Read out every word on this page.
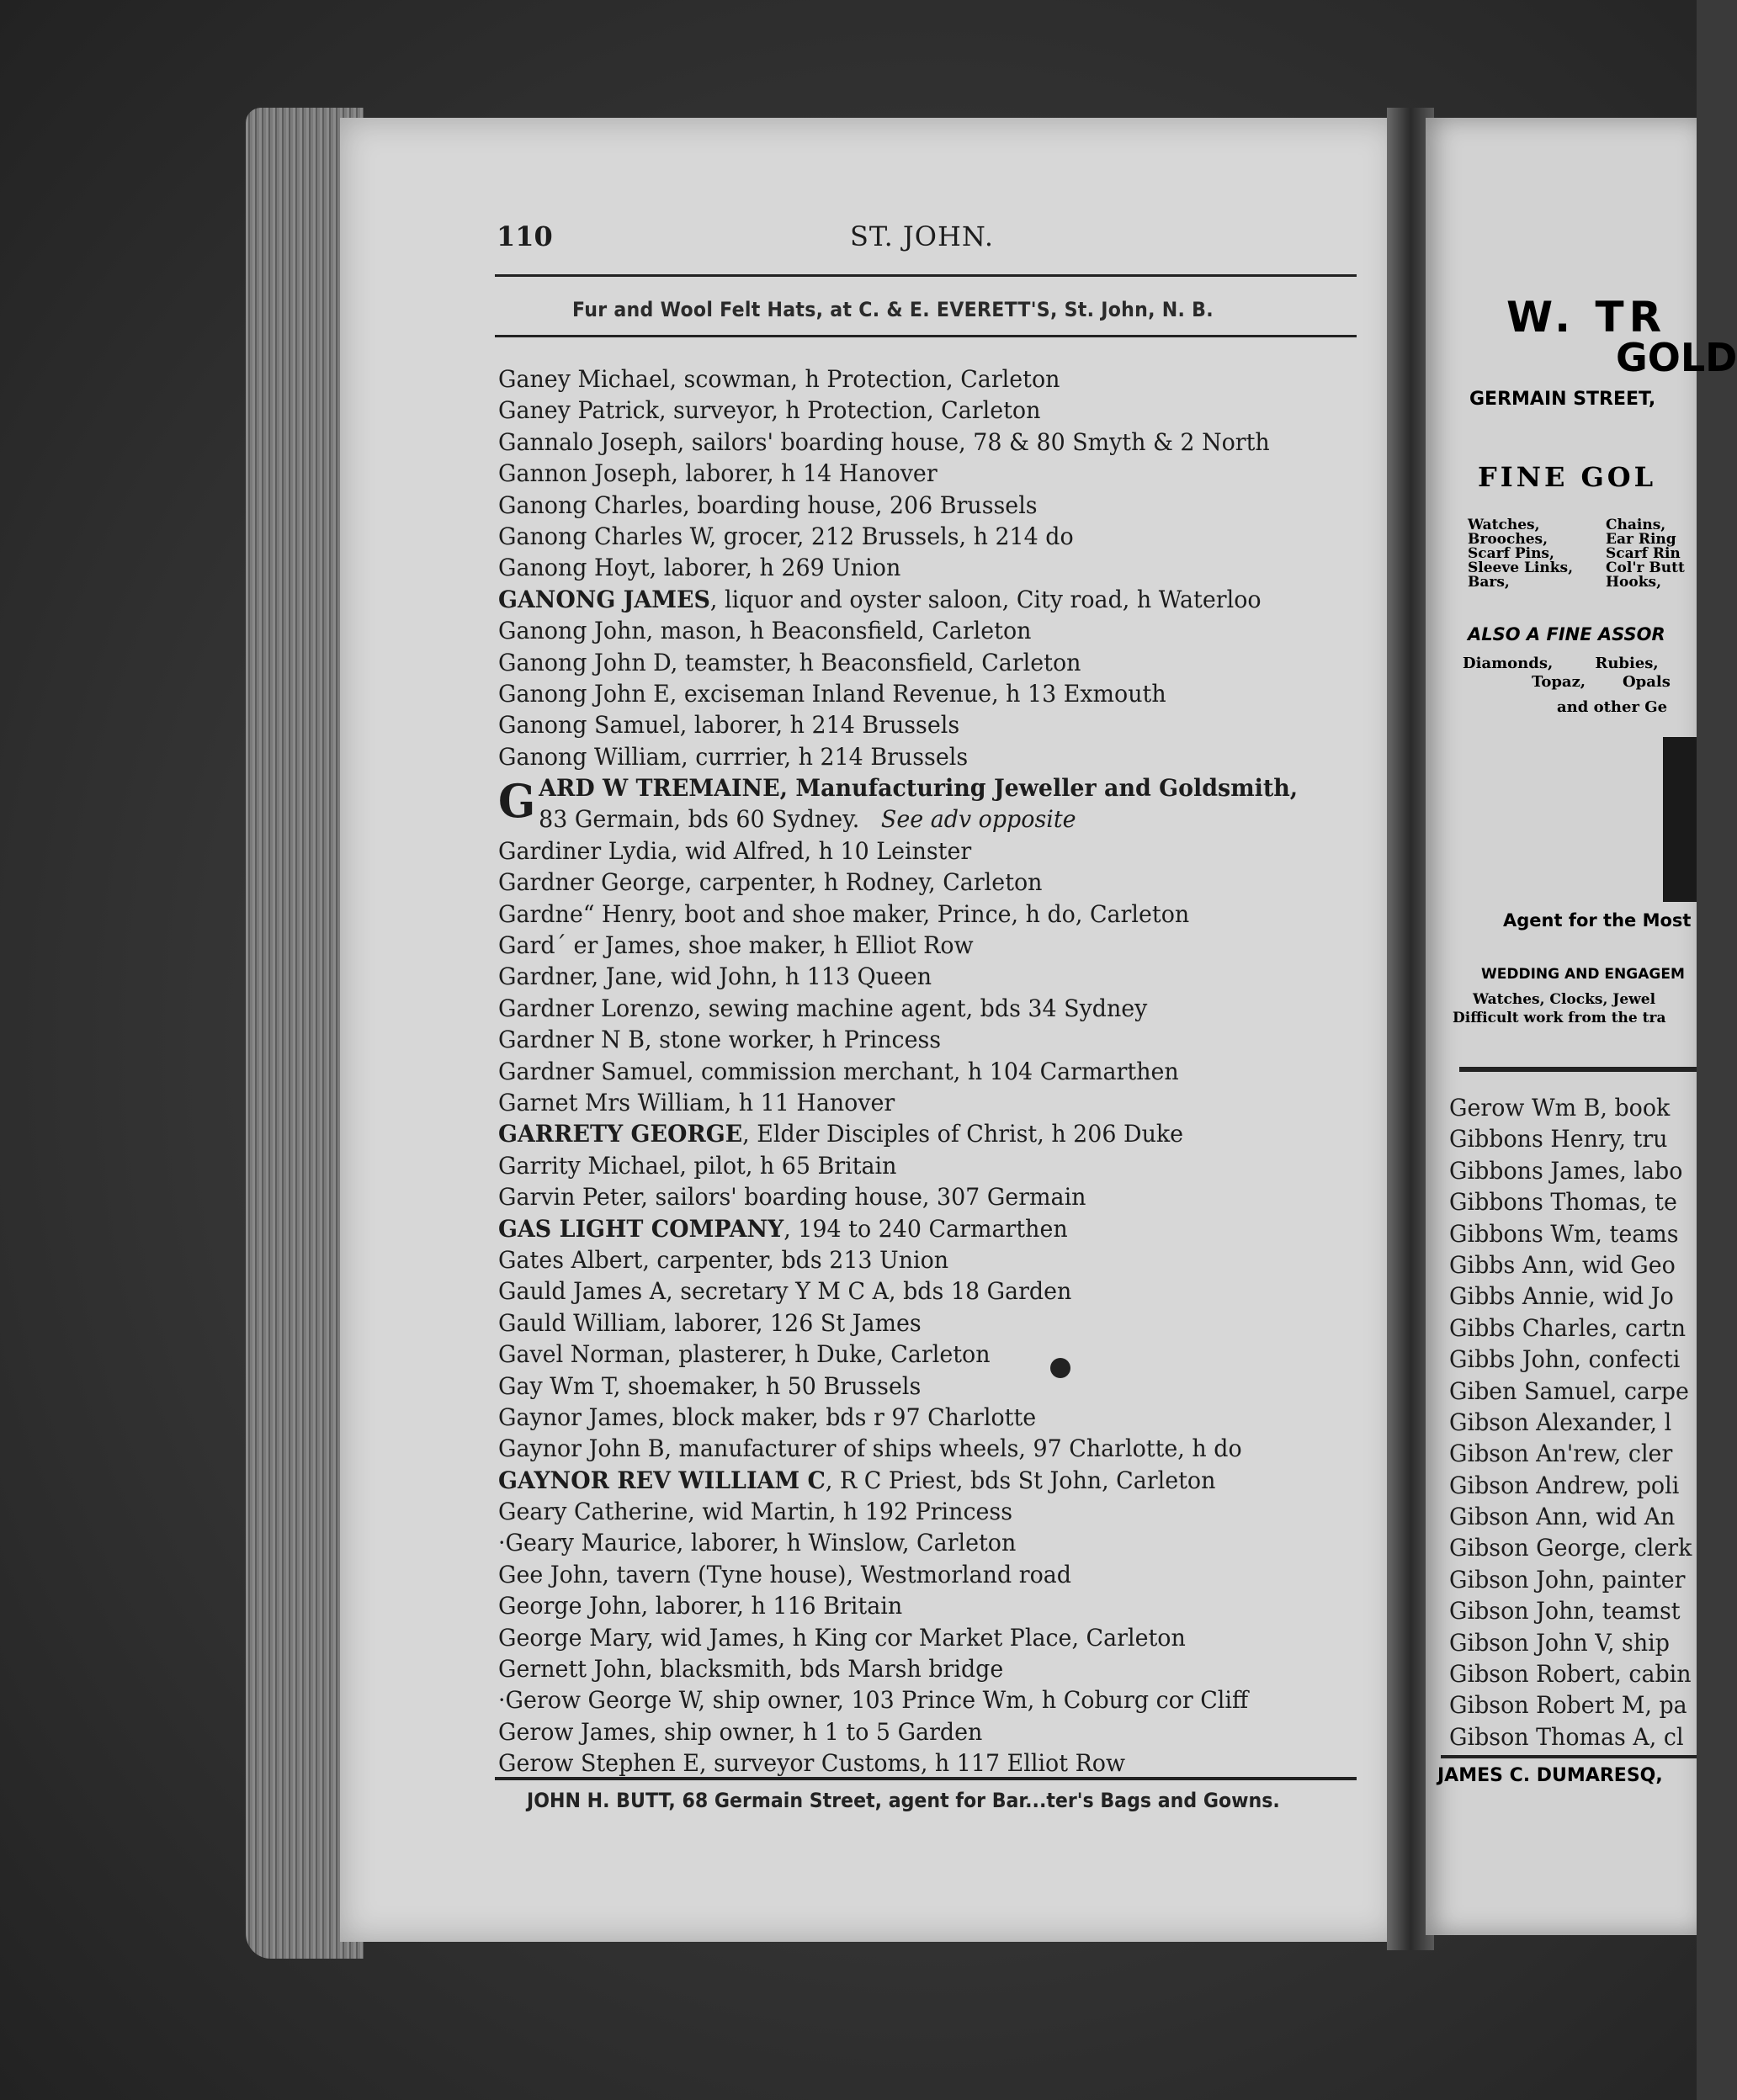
110	ST. JOHN.
Fur and Wool Felt Hats, at C. & E. EVERETT'S, St. John, N. B.
Ganey Michael, scowman, h Protection, Carleton
Ganey Patrick, surveyor, h Protection, Carleton
Gannalo Joseph, sailors' boarding house, 78 & 80 Smyth & 2 North
Gannon Joseph, laborer, h 14 Hanover
Ganong Charles, boarding house, 206 Brussels
Ganong Charles W, grocer, 212 Brussels, h 214 do
Ganong Hoyt, laborer, h 269 Union
GANONG JAMES, liquor and oyster saloon, City road, h Waterloo
Ganong John, mason, h Beaconsfield, Carleton
Ganong John D, teamster, h Beaconsfield, Carleton
Ganong John E, exciseman Inland Revenue, h 13 Exmouth
Ganong Samuel, laborer, h 214 Brussels
Ganong William, currrier, h 214 Brussels
G ARD W TREMAINE, Manufacturing Jeweller and Goldsmith,
83 Germain, bds 60 Sydney. See adv opposite
Gardiner Lydia, wid Alfred, h 10 Leinster
Gardner George, carpenter, h Rodney, Carleton
Gardne“ Henry, boot and shoe maker, Prince, h do, Carleton
Gard´ er James, shoe maker, h Elliot Row
Gardner, Jane, wid John, h 113 Queen
Gardner Lorenzo, sewing machine agent, bds 34 Sydney
Gardner N B, stone worker, h Princess
Gardner Samuel, commission merchant, h 104 Carmarthen
Garnet Mrs William, h 11 Hanover
GARRETY GEORGE, Elder Disciples of Christ, h 206 Duke
Garrity Michael, pilot, h 65 Britain
Garvin Peter, sailors' boarding house, 307 Germain
GAS LIGHT COMPANY, 194 to 240 Carmarthen
Gates Albert, carpenter, bds 213 Union
Gauld James A, secretary Y M C A, bds 18 Garden
Gauld William, laborer, 126 St James
Gavel Norman, plasterer, h Duke, Carleton
Gay Wm T, shoemaker, h 50 Brussels
Gaynor James, block maker, bds r 97 Charlotte
Gaynor John B, manufacturer of ships wheels, 97 Charlotte, h do
GAYNOR REV WILLIAM C, R C Priest, bds St John, Carleton
Geary Catherine, wid Martin, h 192 Princess
·Geary Maurice, laborer, h Winslow, Carleton
Gee John, tavern (Tyne house), Westmorland road
George John, laborer, h 116 Britain
George Mary, wid James, h King cor Market Place, Carleton
Gernett John, blacksmith, bds Marsh bridge
·Gerow George W, ship owner, 103 Prince Wm, h Coburg cor Cliff
Gerow James, ship owner, h 1 to 5 Garden
Gerow Stephen E, surveyor Customs, h 117 Elliot Row
JOHN H. BUTT, 68 Germain Street, agent for Bar...ter's Bags and Gowns.
W. TR
GOLD
GERMAIN STREET,
FINE GOL
Watches,
Brooches,
Scarf Pins,
Sleeve Links,
Bars,
Chains,
Ear Ring
Scarf Rin
Col'r Butt
Hooks,
ALSO A FINE ASSOR
Diamonds,        Rubies,
Topaz,       Opals
and other Ge
Agent for the Most
WEDDING AND ENGAGEM
Watches, Clocks, Jewel
Difficult work from the tra
Gerow Wm B, book
Gibbons Henry, tru
Gibbons James, labo
Gibbons Thomas, te
Gibbons Wm, teams
Gibbs Ann, wid Geo
Gibbs Annie, wid Jo
Gibbs Charles, cartn
Gibbs John, confecti
Giben Samuel, carpe
Gibson Alexander, l
Gibson An'rew, cler
Gibson Andrew, poli
Gibson Ann, wid An
Gibson George, clerk
Gibson John, painter
Gibson John, teamst
Gibson John V, ship
Gibson Robert, cabin
Gibson Robert M, pa
Gibson Thomas A, cl
JAMES C. DUMARESQ,
